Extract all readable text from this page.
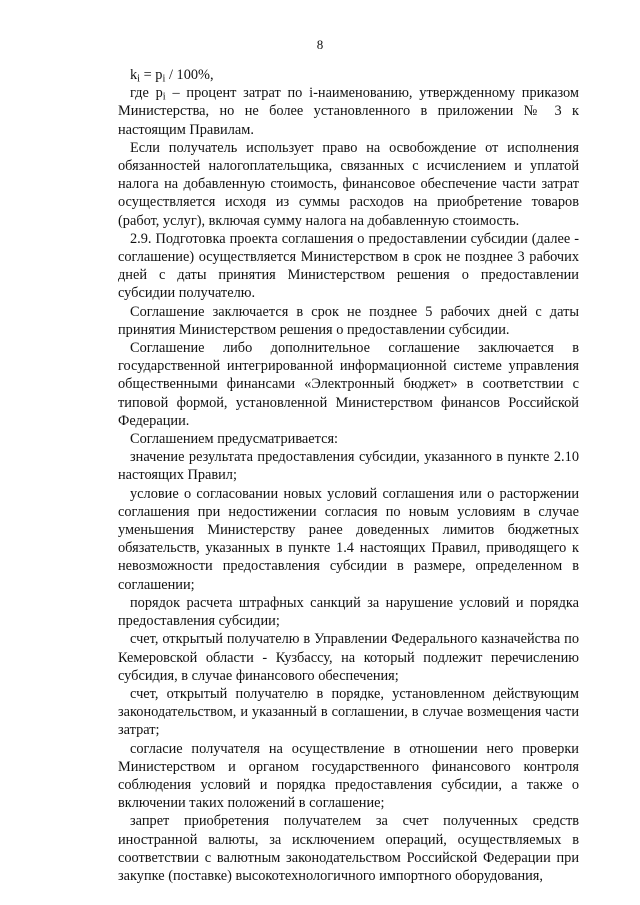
8

$k_i = p_i / 100\%$,

где $p_i$ – процент затрат по i-наименованию, утвержденному приказом Министерства, но не более установленного в приложении № 3 к настоящим Правилам.

Если получатель использует право на освобождение от исполнения обязанностей налогоплательщика, связанных с исчислением и уплатой налога на добавленную стоимость, финансовое обеспечение части затрат осуществляется исходя из суммы расходов на приобретение товаров (работ, услуг), включая сумму налога на добавленную стоимость.

2.9. Подготовка проекта соглашения о предоставлении субсидии (далее - соглашение) осуществляется Министерством в срок не позднее 3 рабочих дней с даты принятия Министерством решения о предоставлении субсидии получателю.

Соглашение заключается в срок не позднее 5 рабочих дней с даты принятия Министерством решения о предоставлении субсидии.

Соглашение либо дополнительное соглашение заключается в государственной интегрированной информационной системе управления общественными финансами «Электронный бюджет» в соответствии с типовой формой, установленной Министерством финансов Российской Федерации.

Соглашением предусматривается:

значение результата предоставления субсидии, указанного в пункте 2.10 настоящих Правил;

условие о согласовании новых условий соглашения или о расторжении соглашения при недостижении согласия по новым условиям в случае уменьшения Министерству ранее доведенных лимитов бюджетных обязательств, указанных в пункте 1.4 настоящих Правил, приводящего к невозможности предоставления субсидии в размере, определенном в соглашении;

порядок расчета штрафных санкций за нарушение условий и порядка предоставления субсидии;

счет, открытый получателю в Управлении Федерального казначейства по Кемеровской области - Кузбассу, на который подлежит перечислению субсидия, в случае финансового обеспечения;

счет, открытый получателю в порядке, установленном действующим законодательством, и указанный в соглашении, в случае возмещения части затрат;

согласие получателя на осуществление в отношении него проверки Министерством и органом государственного финансового контроля соблюдения условий и порядка предоставления субсидии, а также о включении таких положений в соглашение;

запрет приобретения получателем за счет полученных средств иностранной валюты, за исключением операций, осуществляемых в соответствии с валютным законодательством Российской Федерации при закупке (поставке) высокотехнологичного импортного оборудования,
